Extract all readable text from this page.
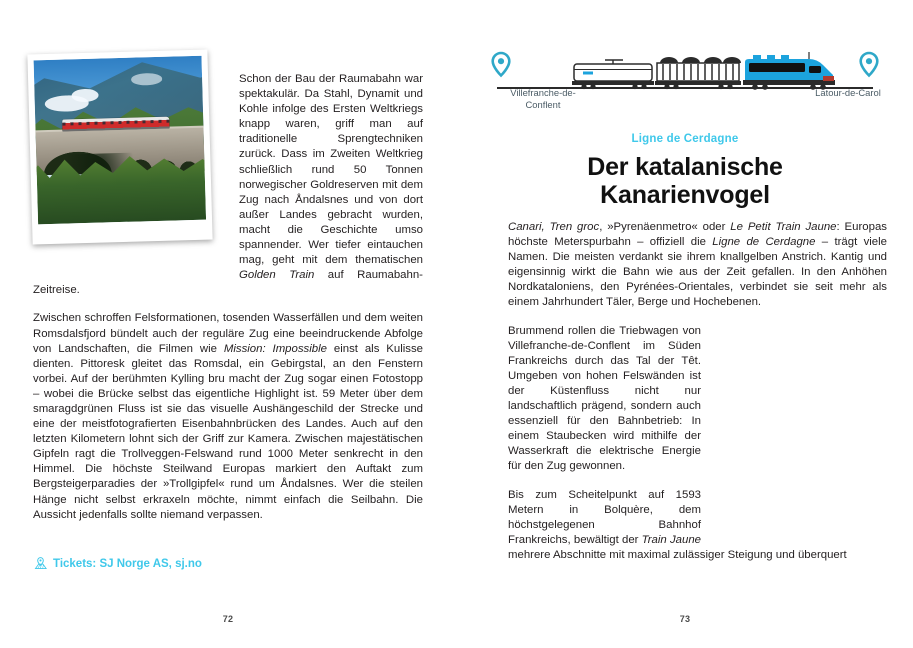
Schon der Bau der Raumabahn war spektakulär. Da Stahl, Dynamit und Kohle infolge des Ersten Weltkriegs knapp waren, griff man auf traditionelle Sprengtechniken zurück. Dass im Zweiten Weltkrieg schließlich rund 50 Tonnen norwegischer Goldreserven mit dem Zug nach Åndalsnes und von dort außer Landes gebracht wurden, macht die Geschichte umso spannender. Wer tiefer eintauchen mag, geht mit dem thematischen Golden Train auf Raumabahn-Zeitreise.

Zwischen schroffen Felsformationen, tosenden Wasserfällen und dem weiten Romsdalsfjord bündelt auch der reguläre Zug eine beeindruckende Abfolge von Landschaften, die Filmen wie Mission: Impossible einst als Kulisse dienten. Pittoresk gleitet das Romsdal, ein Gebirgstal, an den Fenstern vorbei. Auf der berühmten Kylling bru macht der Zug sogar einen Fotostopp – wobei die Brücke selbst das eigentliche Highlight ist. 59 Meter über dem smaragdgrünen Fluss ist sie das visuelle Aushängeschild der Strecke und eine der meistfotografierten Eisenbahnbrücken des Landes. Auch auf den letzten Kilometern lohnt sich der Griff zur Kamera. Zwischen majestätischen Gipfeln ragt die Trollveggen-Felswand rund 1000 Meter senkrecht in den Himmel. Die höchste Steilwand Europas markiert den Auftakt zum Bergsteigerparadies der »Trollgipfel« rund um Åndalsnes. Wer die steilen Hänge nicht selbst erkraxeln möchte, nimmt einfach die Seilbahn. Die Aussicht jedenfalls sollte niemand verpassen.

Tickets: SJ Norge AS, sj.no
72
Villefranche-de-Conflent
Latour-de-Carol
Ligne de Cerdagne
Der katalanische
Kanarienvogel

Canari, Tren groc, »Pyrenäenmetro« oder Le Petit Train Jaune: Europas höchste Meterspurbahn – offiziell die Ligne de Cerdagne – trägt viele Namen. Die meisten verdankt sie ihrem knallgelben Anstrich. Kantig und eigensinnig wirkt die Bahn wie aus der Zeit gefallen. In den Anhöhen Nordkataloniens, den Pyrénées-Orientales, verbindet sie seit mehr als einem Jahrhundert Täler, Berge und Hochebenen.

Brummend rollen die Triebwagen von Villefranche-de-Conflent im Süden Frankreichs durch das Tal der Têt. Umgeben von hohen Felswänden ist der Küstenfluss nicht nur landschaftlich prägend, sondern auch essenziell für den Bahnbetrieb: In einem Staubecken wird mithilfe der Wasserkraft die elektrische Energie für den Zug gewonnen.

Bis zum Scheitelpunkt auf 1593 Metern in Bolquère, dem höchstgelegenen Bahnhof Frankreichs, bewältigt der Train Jaune mehrere Abschnitte mit maximal zulässiger Steigung und überquert

73
